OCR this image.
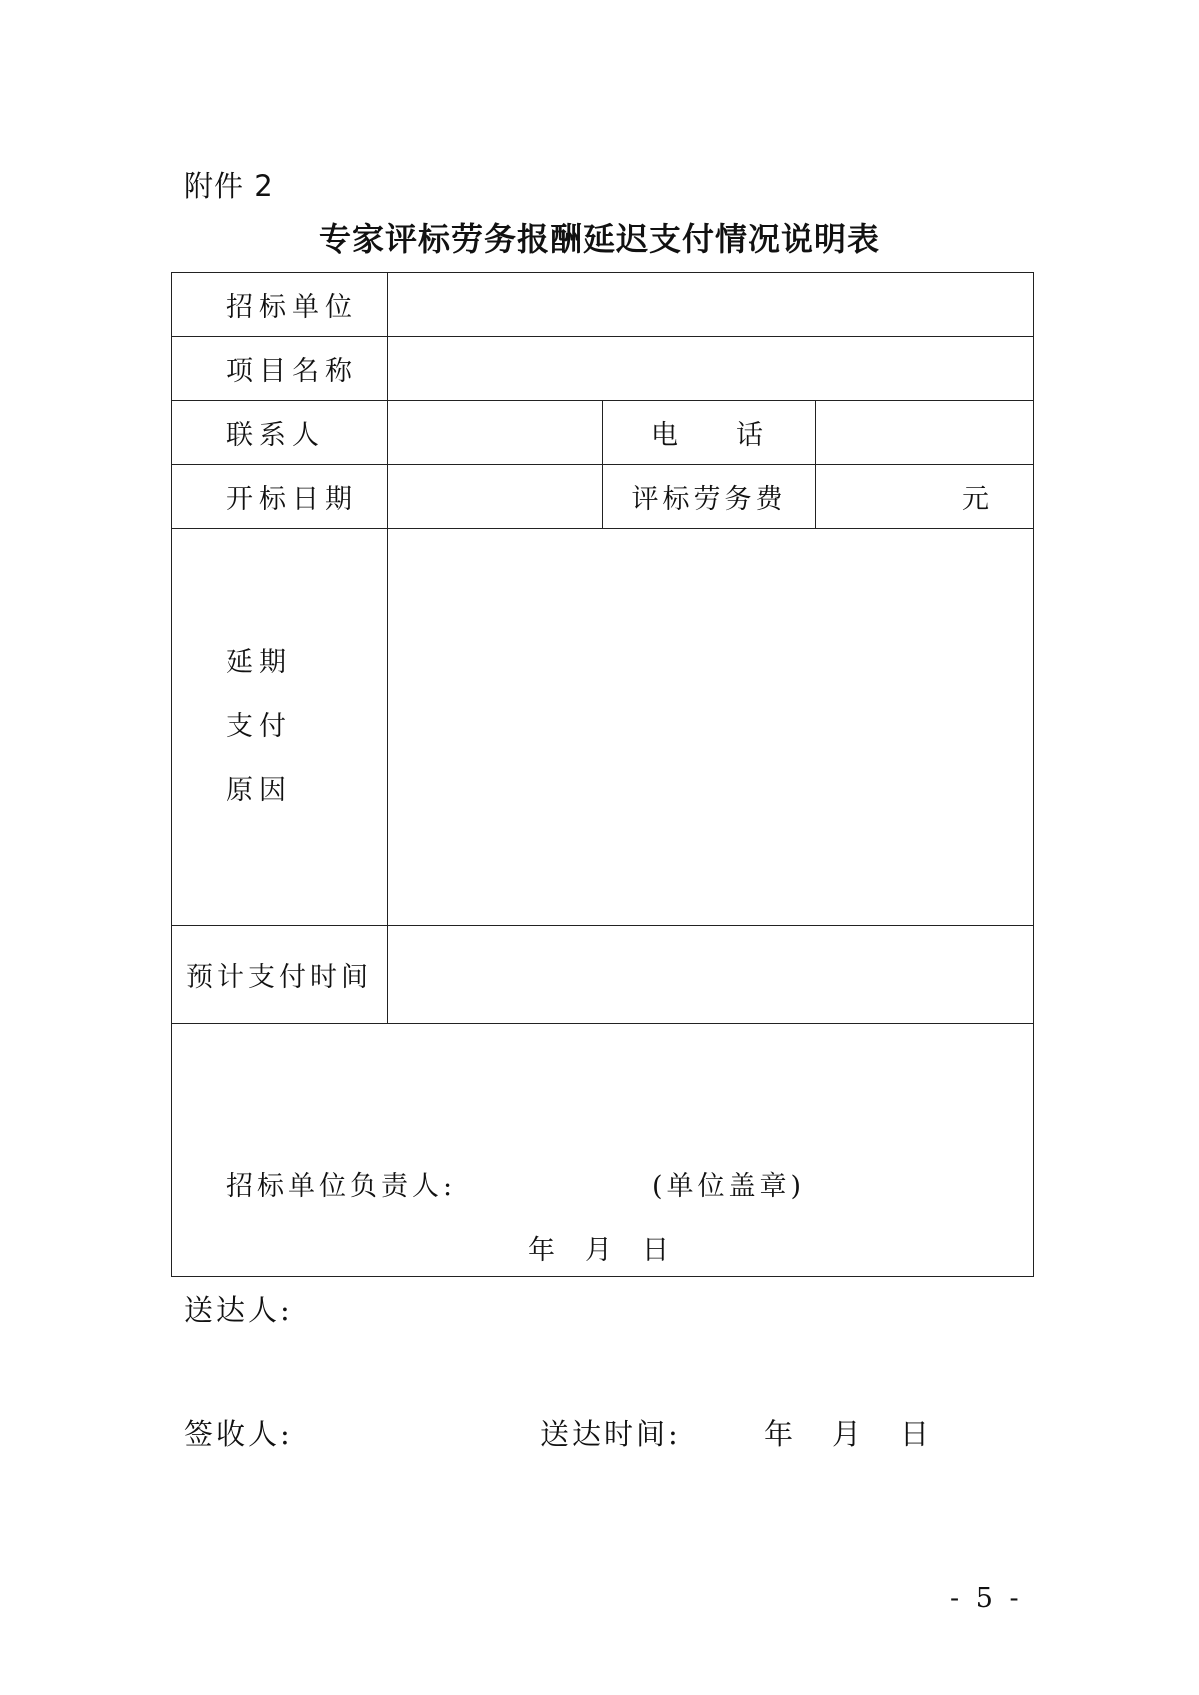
附件 2
专家评标劳务报酬延迟支付情况说明表
招标单位			
项目名称			
联系人		电 话	
开标日期		评标劳务费	元

延期
支付
原因			

预计支付时间			

招标单位负责人: (单位盖章)
年 月 日			
送达人:
签收人:	送达时间:	年 月 日
- 5 -
